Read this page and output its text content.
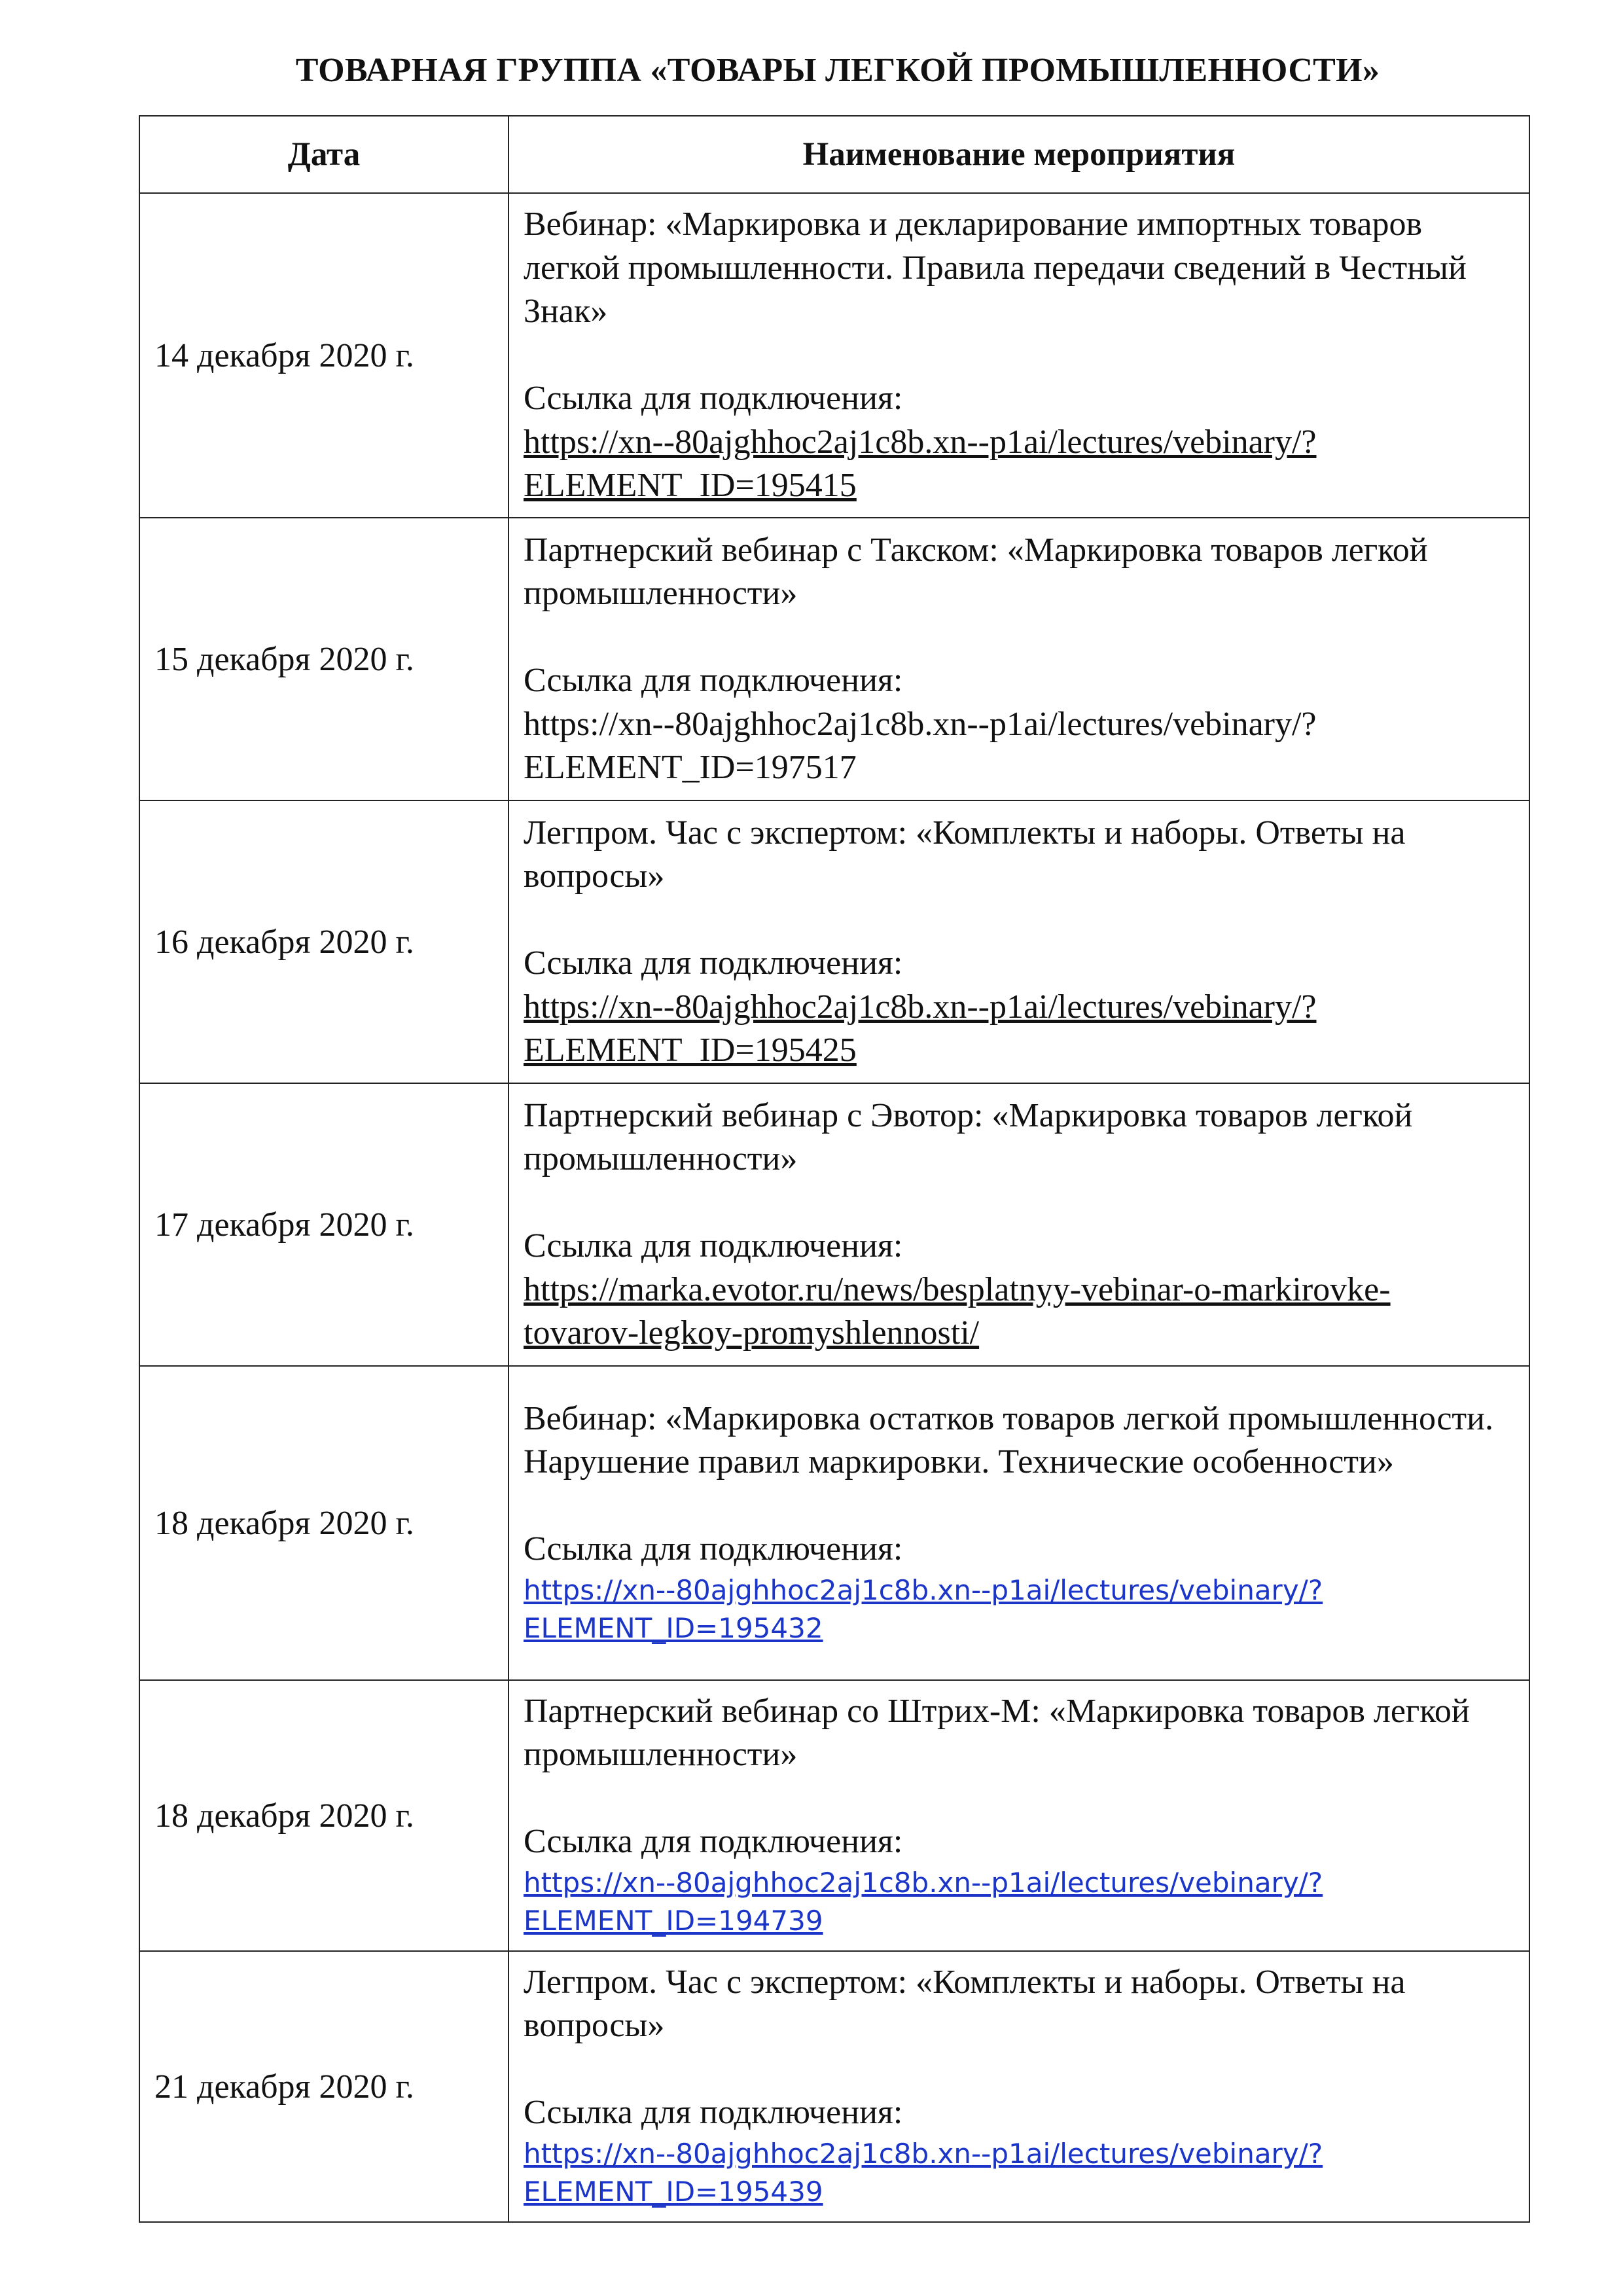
ТОВАРНАЯ ГРУППА «ТОВАРЫ ЛЕГКОЙ ПРОМЫШЛЕННОСТИ»
Дата	Наименование мероприятия
14 декабря 2020 г.	Вебинар: «Маркировка и декларирование импортных товаров легкой промышленности. Правила передачи сведений в Честный Знак»
Ссылка для подключения:
https://xn--80ajghhoc2aj1c8b.xn--p1ai/lectures/vebinary/?
ELEMENT_ID=195415
15 декабря 2020 г.	Партнерский вебинар с Такском: «Маркировка товаров легкой промышленности»
Ссылка для подключения:
https://xn--80ajghhoc2aj1c8b.xn--p1ai/lectures/vebinary/?
ELEMENT_ID=197517
16 декабря 2020 г.	Легпром. Час с экспертом: «Комплекты и наборы. Ответы на вопросы»
Ссылка для подключения:
https://xn--80ajghhoc2aj1c8b.xn--p1ai/lectures/vebinary/?
ELEMENT_ID=195425
17 декабря 2020 г.	Партнерский вебинар с Эвотор: «Маркировка товаров легкой промышленности»
Ссылка для подключения:
https://marka.evotor.ru/news/besplatnyy-vebinar-o-markirovke-
tovarov-legkoy-promyshlennosti/
18 декабря 2020 г.	Вебинар: «Маркировка остатков товаров легкой промышленности. Нарушение правил маркировки. Технические особенности»
Ссылка для подключения:
https://xn--80ajghhoc2aj1c8b.xn--p1ai/lectures/vebinary/?
ELEMENT_ID=195432
18 декабря 2020 г.	Партнерский вебинар со Штрих-М: «Маркировка товаров легкой промышленности»
Ссылка для подключения:
https://xn--80ajghhoc2aj1c8b.xn--p1ai/lectures/vebinary/?
ELEMENT_ID=194739
21 декабря 2020 г.	Легпром. Час с экспертом: «Комплекты и наборы. Ответы на вопросы»
Ссылка для подключения:
https://xn--80ajghhoc2aj1c8b.xn--p1ai/lectures/vebinary/?
ELEMENT_ID=195439
